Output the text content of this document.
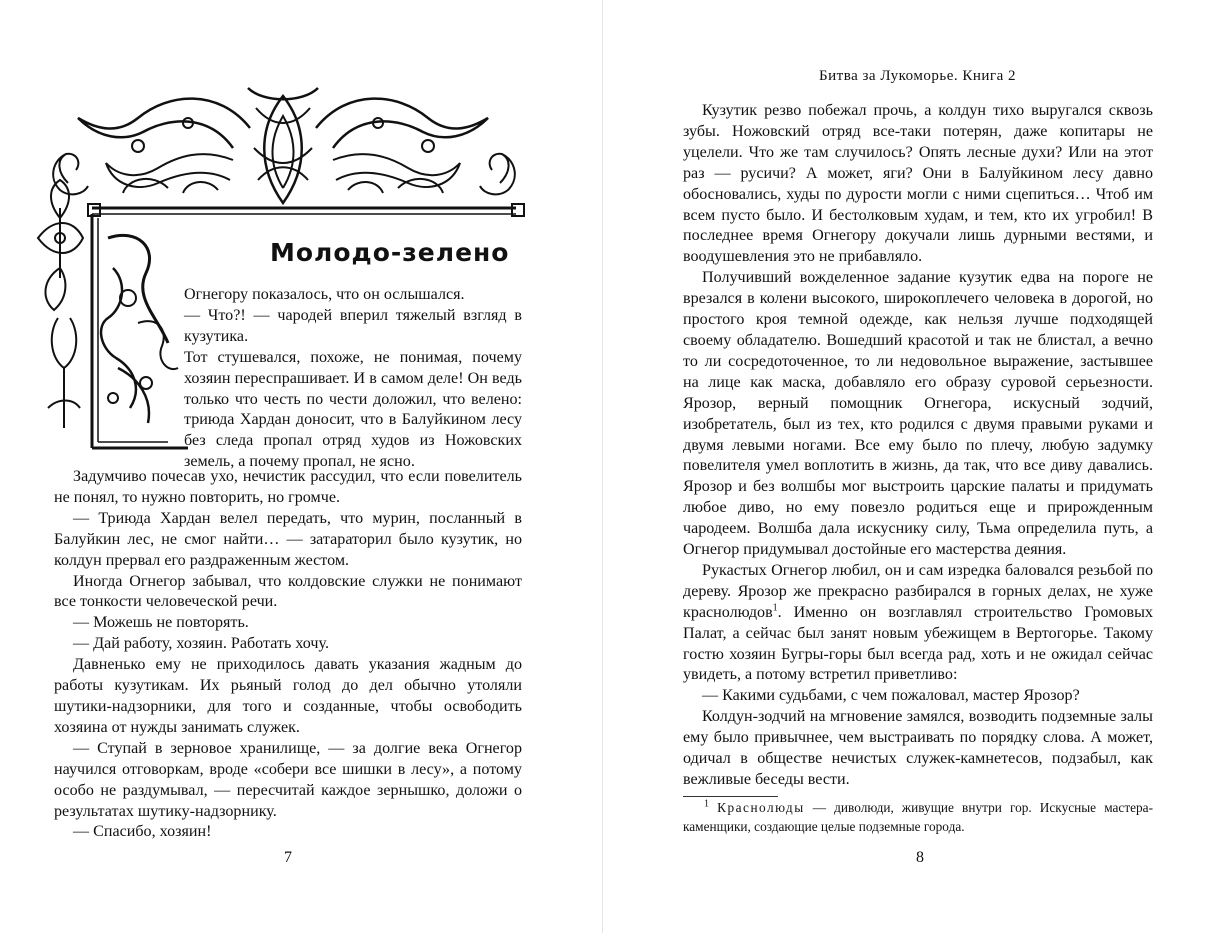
Молодо-зелено

Огнегору показалось, что он ослышался.

— Что?! — чародей вперил тяжелый взгляд в кузутика.

Тот стушевался, похоже, не понимая, почему хозяин переспрашивает. И в самом деле! Он ведь только что честь по чести доложил, что велено: триюда Хардан доносит, что в Балуйкином лесу без следа пропал отряд худов из Ножовских земель, а почему пропал, не ясно.

Задумчиво почесав ухо, нечистик рассудил, что если повелитель не понял, то нужно повторить, но громче.

— Триюда Хардан велел передать, что мурин, посланный в Балуйкин лес, не смог найти… — затараторил было кузутик, но колдун прервал его раздраженным жестом.

Иногда Огнегор забывал, что колдовские служки не понимают все тонкости человеческой речи.

— Можешь не повторять.

— Дай работу, хозяин. Работать хочу.

Давненько ему не приходилось давать указания жадным до работы кузутикам. Их рьяный голод до дел обычно утоляли шутики-надзорники, для того и созданные, чтобы освободить хозяина от нужды занимать служек.

— Ступай в зерновое хранилище, — за долгие века Огнегор научился отговоркам, вроде «собери все шишки в лесу», а потому особо не раздумывал, — пересчитай каждое зернышко, доложи о результатах шутику-надзорнику.

— Спасибо, хозяин!

7
Битва за Лукоморье. Книга 2

Кузутик резво побежал прочь, а колдун тихо выругался сквозь зубы. Ножовский отряд все-таки потерян, даже копитары не уцелели. Что же там случилось? Опять лесные духи? Или на этот раз — русичи? А может, яги? Они в Балуйкином лесу давно обосновались, худы по дурости могли с ними сцепиться… Чтоб им всем пусто было. И бестолковым худам, и тем, кто их угробил! В последнее время Огнегору докучали лишь дурными вестями, и воодушевления это не прибавляло.

Получивший вожделенное задание кузутик едва на пороге не врезался в колени высокого, широкоплечего человека в дорогой, но простого кроя темной одежде, как нельзя лучше подходящей своему обладателю. Вошедший красотой и так не блистал, а вечно то ли сосредоточенное, то ли недовольное выражение, застывшее на лице как маска, добавляло его образу суровой серьезности. Ярозор, верный помощник Огнегора, искусный зодчий, изобретатель, был из тех, кто родился с двумя правыми руками и двумя левыми ногами. Все ему было по плечу, любую задумку повелителя умел воплотить в жизнь, да так, что все диву давались. Ярозор и без волшбы мог выстроить царские палаты и придумать любое диво, но ему повезло родиться еще и прирожденным чародеем. Волшба дала искуснику силу, Тьма определила путь, а Огнегор придумывал достойные его мастерства деяния.

Рукастых Огнегор любил, он и сам изредка баловался резьбой по дереву. Ярозор же прекрасно разбирался в горных делах, не хуже краснолюдов$^1$. Именно он возглавлял строительство Громовых Палат, а сейчас был занят новым убежищем в Вертогорье. Такому гостю хозяин Бугры-горы был всегда рад, хоть и не ожидал сейчас увидеть, а потому встретил приветливо:

— Какими судьбами, с чем пожаловал, мастер Ярозор?

Колдун-зодчий на мгновение замялся, возводить подземные залы ему было привычнее, чем выстраивать по порядку слова. А может, одичал в обществе нечистых служек-камнетесов, подзабыл, как вежливые беседы вести.

$^1$ Краснолюды — диволюди, живущие внутри гор. Искусные мастера-каменщики, создающие целые подземные города.

8
